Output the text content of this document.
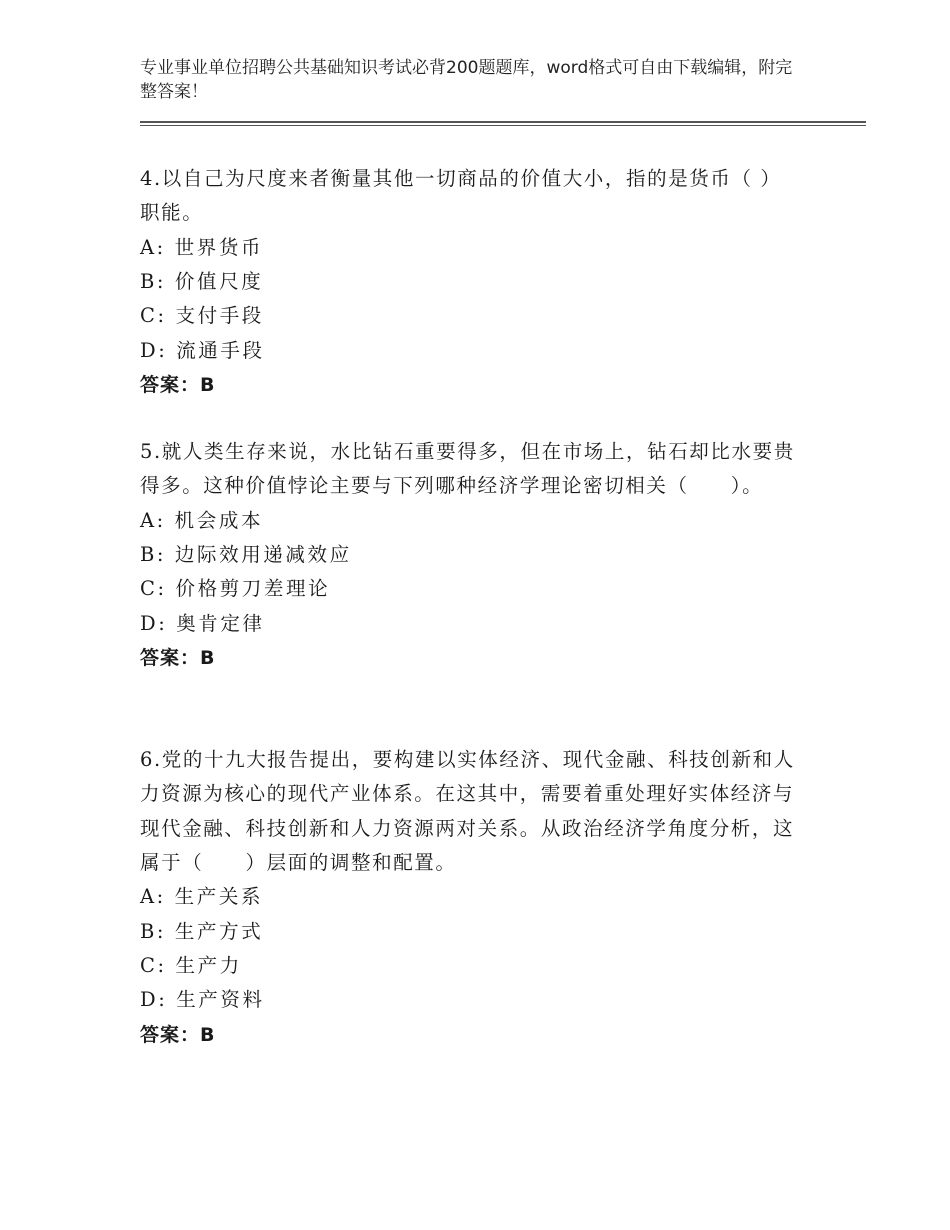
专业事业单位招聘公共基础知识考试必背200题题库，word格式可自由下载编辑，附完整答案！
4.以自己为尺度来者衡量其他一切商品的价值大小，指的是货币（ ）职能。
A: 世界货币
B: 价值尺度
C: 支付手段
D: 流通手段
答案：B
5.就人类生存来说，水比钻石重要得多，但在市场上，钻石却比水要贵得多。这种价值悖论主要与下列哪种经济学理论密切相关（　　）。
A: 机会成本
B: 边际效用递减效应
C: 价格剪刀差理论
D: 奥肯定律
答案：B
6.党的十九大报告提出，要构建以实体经济、现代金融、科技创新和人力资源为核心的现代产业体系。在这其中，需要着重处理好实体经济与现代金融、科技创新和人力资源两对关系。从政治经济学角度分析，这属于（　　）层面的调整和配置。
A: 生产关系
B: 生产方式
C: 生产力
D: 生产资料
答案：B
